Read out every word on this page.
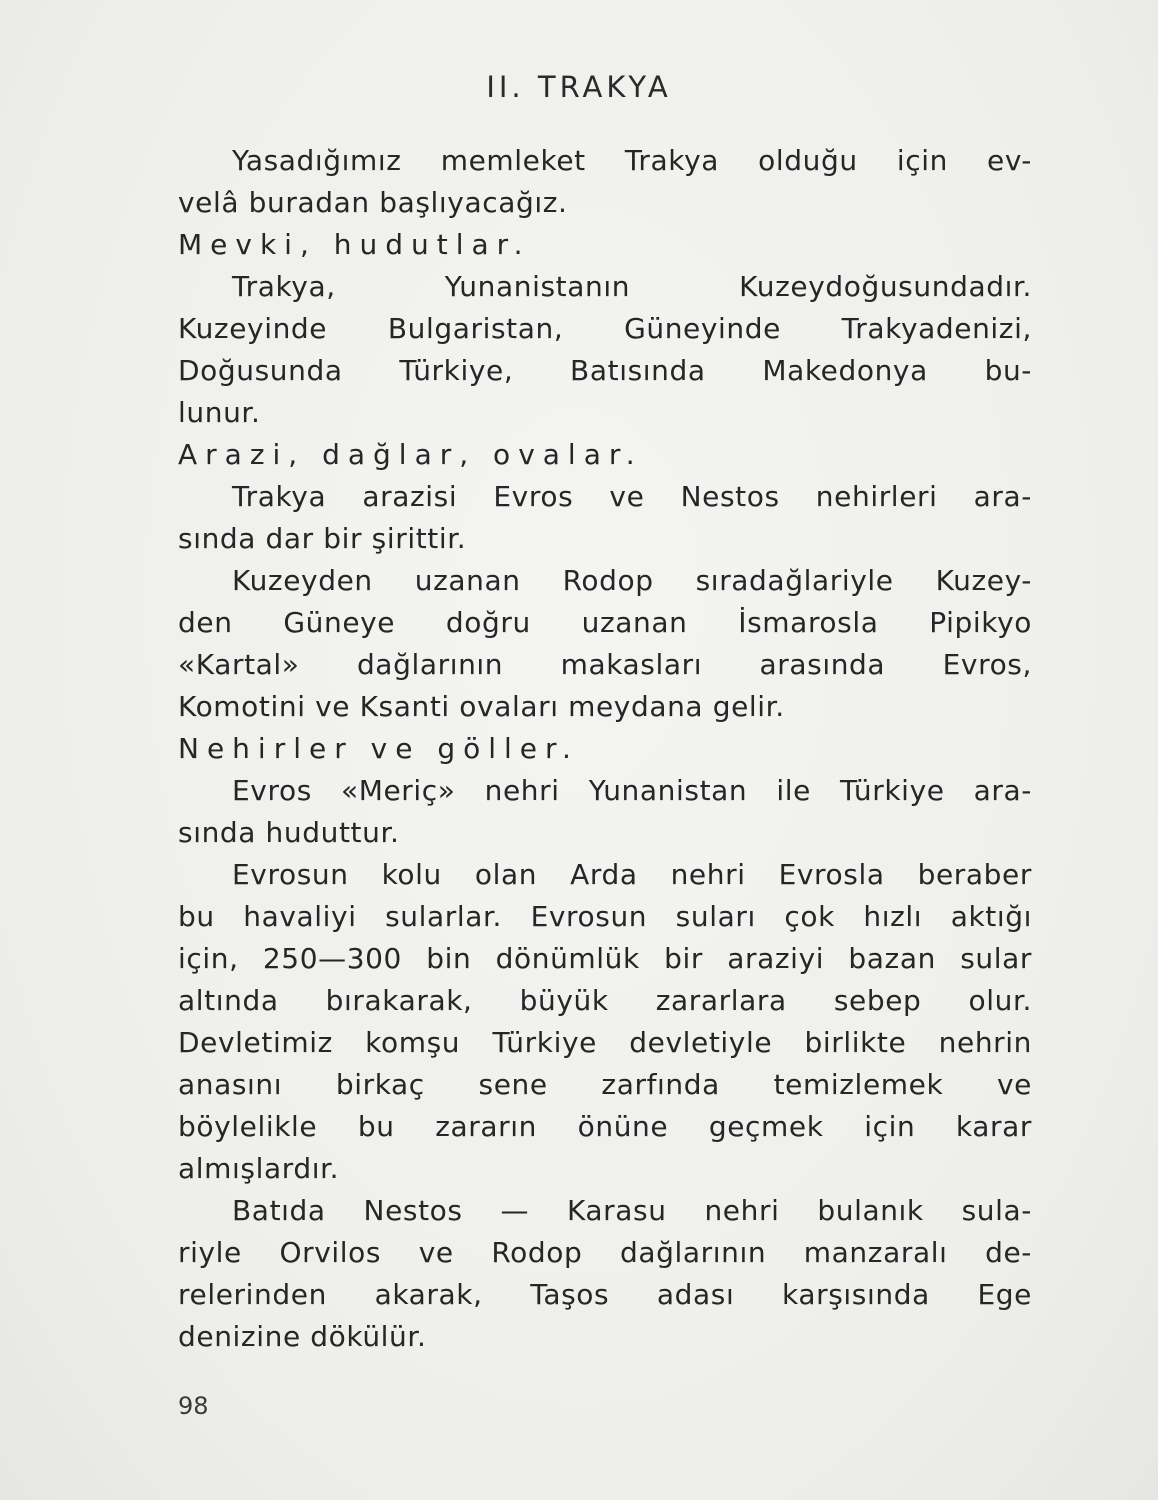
II. TRAKYA
Yasadığımız memleket Trakya olduğu için ev-
velâ buradan başlıyacağız.
Mevki, hudutlar.
Trakya, Yunanistanın Kuzeydoğusundadır.
Kuzeyinde Bulgaristan, Güneyinde Trakyadenizi,
Doğusunda Türkiye, Batısında Makedonya bu-
lunur.
Arazi, dağlar, ovalar.
Trakya arazisi Evros ve Nestos nehirleri ara-
sında dar bir şirittir.
Kuzeyden uzanan Rodop sıradağlariyle Kuzey-
den Güneye doğru uzanan İsmarosla Pipikyo
«Kartal» dağlarının makasları arasında Evros,
Komotini ve Ksanti ovaları meydana gelir.
Nehirler ve göller.
Evros «Meriç» nehri Yunanistan ile Türkiye ara-
sında huduttur.
Evrosun kolu olan Arda nehri Evrosla beraber
bu havaliyi sularlar. Evrosun suları çok hızlı aktığı
için, 250—300 bin dönümlük bir araziyi bazan sular
altında bırakarak, büyük zararlara sebep olur.
Devletimiz komşu Türkiye devletiyle birlikte nehrin
anasını birkaç sene zarfında temizlemek ve
böylelikle bu zararın önüne geçmek için karar
almışlardır.
Batıda Nestos — Karasu nehri bulanık sula-
riyle Orvilos ve Rodop dağlarının manzaralı de-
relerinden akarak, Taşos adası karşısında Ege
denizine dökülür.
98
